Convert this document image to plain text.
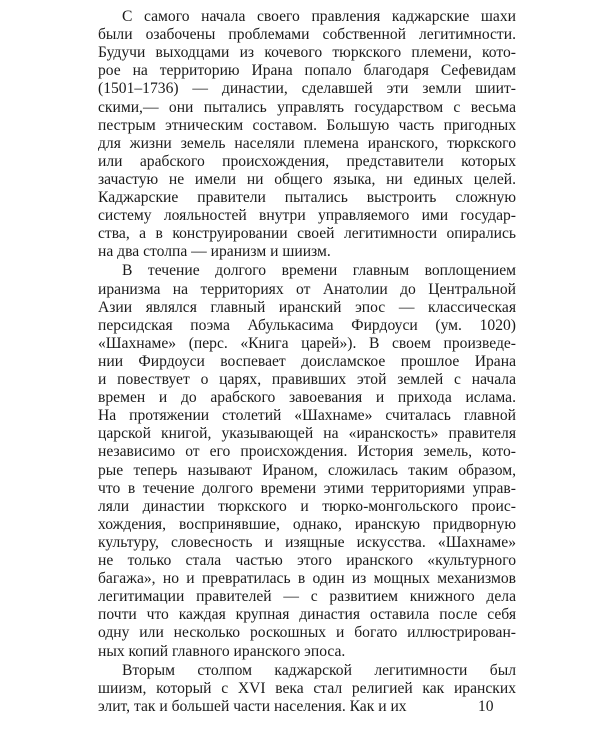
С самого начала своего правления каджарские шахи
были озабочены проблемами собственной легитимности.
Будучи выходцами из кочевого тюркского племени, кото-
рое на территорию Ирана попало благодаря Сефевидам
(1501–1736) — династии, сделавшей эти земли шиит-
скими,— они пытались управлять государством с весьма
пестрым этническим составом. Большую часть пригодных
для жизни земель населяли племена иранского, тюркского
или арабского происхождения, представители которых
зачастую не имели ни общего языка, ни единых целей.
Каджарские правители пытались выстроить сложную
систему лояльностей внутри управляемого ими государ-
ства, а в конструировании своей легитимности опирались
на два столпа — иранизм и шиизм.
В течение долгого времени главным воплощением
иранизма на территориях от Анатолии до Центральной
Азии являлся главный иранский эпос — классическая
персидская поэма Абулькасима Фирдоуси (ум. 1020)
«Шахнаме» (перс. «Книга царей»). В своем произведе-
нии Фирдоуси воспевает доисламское прошлое Ирана
и повествует о царях, правивших этой землей с начала
времен и до арабского завоевания и прихода ислама.
На протяжении столетий «Шахнаме» считалась главной
царской книгой, указывающей на «иранскость» правителя
независимо от его происхождения. История земель, кото-
рые теперь называют Ираном, сложилась таким образом,
что в течение долгого времени этими территориями управ-
ляли династии тюркского и тюрко-монгольского проис-
хождения, воспринявшие, однако, иранскую придворную
культуру, словесность и изящные искусства. «Шахнаме»
не только стала частью этого иранского «культурного
багажа», но и превратилась в один из мощных механизмов
легитимации правителей — с развитием книжного дела
почти что каждая крупная династия оставила после себя
одну или несколько роскошных и богато иллюстрирован-
ных копий главного иранского эпоса.
Вторым столпом каджарской легитимности был
шиизм, который с XVI века стал религией как иранских
элит, так и большей части населения. Как и их	10
